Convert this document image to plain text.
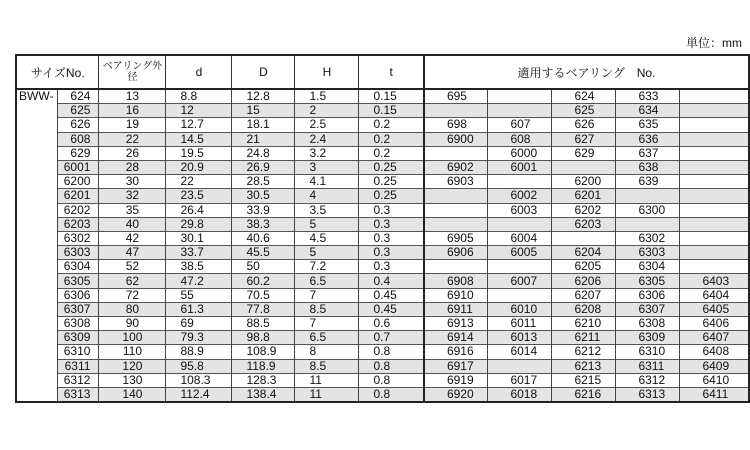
単位：mm
サイズNo.		ベアリング外径	d	D	H	t	適用するベアリング　No.				
BWW-	624	13	8.8	12.8	1.5	0.15	695		624	633	
	625	16	12	15	2	0.15			625	634	
	626	19	12.7	18.1	2.5	0.2	698	607	626	635	
	608	22	14.5	21	2.4	0.2	6900	608	627	636	
	629	26	19.5	24.8	3.2	0.2		6000	629	637	
	6001	28	20.9	26.9	3	0.25	6902	6001		638	
	6200	30	22	28.5	4.1	0.25	6903		6200	639	
	6201	32	23.5	30.5	4	0.25		6002	6201		
	6202	35	26.4	33.9	3.5	0.3		6003	6202	6300	
	6203	40	29.8	38.3	5	0.3			6203		
	6302	42	30.1	40.6	4.5	0.3	6905	6004		6302	
	6303	47	33.7	45.5	5	0.3	6906	6005	6204	6303	
	6304	52	38.5	50	7.2	0.3			6205	6304	
	6305	62	47.2	60.2	6.5	0.4	6908	6007	6206	6305	6403
	6306	72	55	70.5	7	0.45	6910		6207	6306	6404
	6307	80	61.3	77.8	8.5	0.45	6911	6010	6208	6307	6405
	6308	90	69	88.5	7	0.6	6913	6011	6210	6308	6406
	6309	100	79.3	98.8	6.5	0.7	6914	6013	6211	6309	6407
	6310	110	88.9	108.9	8	0.8	6916	6014	6212	6310	6408
	6311	120	95.8	118.9	8.5	0.8	6917		6213	6311	6409
	6312	130	108.3	128.3	11	0.8	6919	6017	6215	6312	6410
	6313	140	112.4	138.4	11	0.8	6920	6018	6216	6313	6411
